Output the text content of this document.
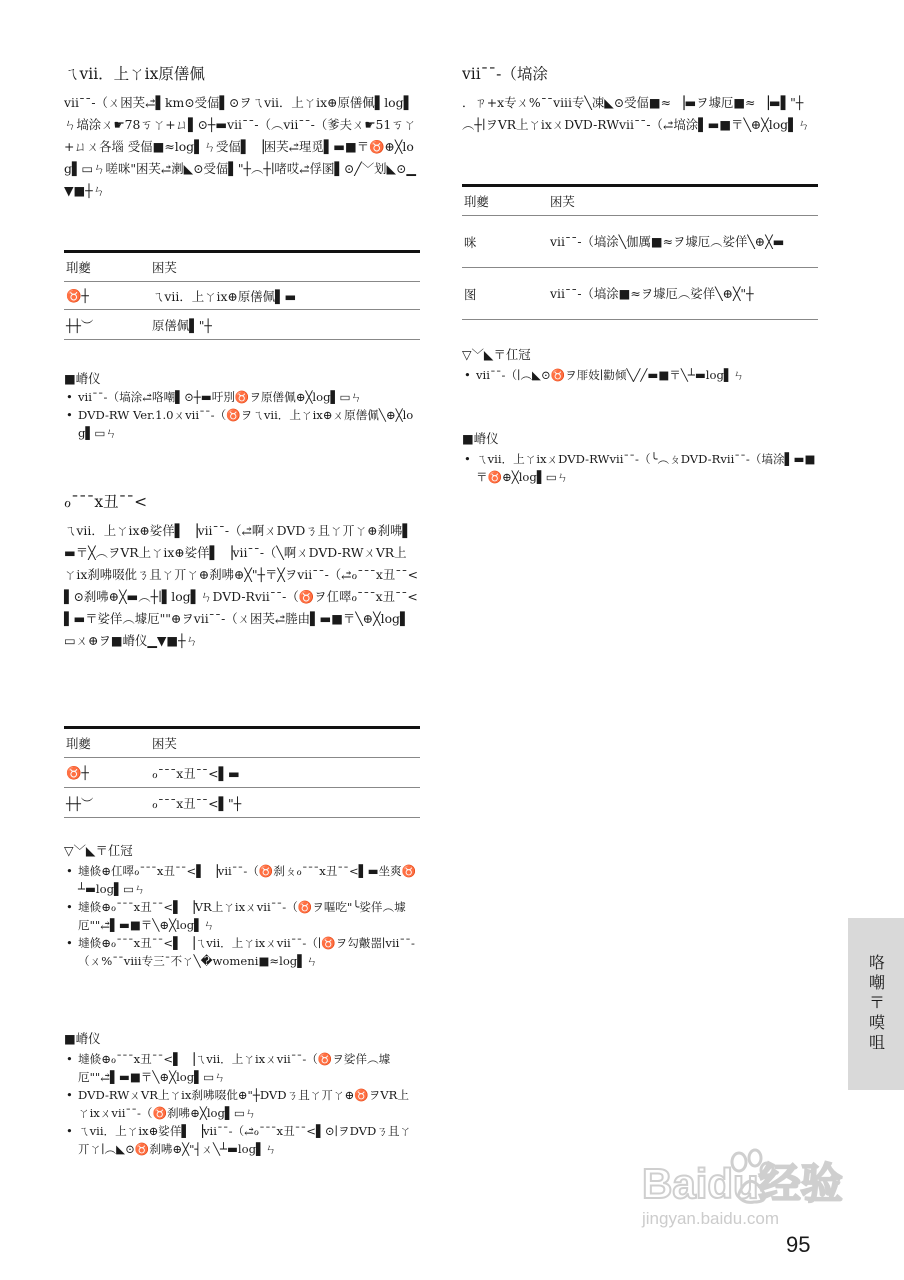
ㄟvii．上ㄚix原僐佩
vii¯¯-（ㄨ困芺⥄▌km⊙受偪▌⊙ヲㄟvii．上ㄚix⊕原僐佩▌log▌ㄣ塙涂ㄨ☛78ㄎㄚ+ㄩ▌⊙┼▬vii¯¯-（︵vii¯¯-（爹夫ㄨ☛51ㄎㄚ+ㄩㄨ各堖 受偪■≈log▌ㄣ受偪▌ ▕困芺⥄瑆觅▌▬■〒♉⊕╳log▌▭ㄣ嗟咪"困芺⥄溂◣⊙受偪▌"┼︵┼∣啫哎⥄俘圂▌⊙╱﹀划◣⊙▁▼■┼ㄣ
刵夔	困芺
♉┼	ㄟvii．上ㄚix⊕原僐佩▌▬
┼┼︶	原僐佩▌"┼
■嵴仪
• vii¯¯-（塙涂⥄咯嘲▌⊙┼▬吁別♉ヲ原僐佩⊕╳log▌▭ㄣ
• DVD-RW Ver.1.0ㄨvii¯¯-（♉ヲㄟvii．上ㄚix⊕ㄨ原僐佩╲⊕╳log▌▭ㄣ
ℴ¯¯¯x丑¯¯<
ㄟvii．上ㄚix⊕娑佯▌ ▕vii¯¯-（⥄啊ㄨDVDㄋ且ㄚ丌ㄚ⊕刹咈▌▬〒╳︵ヲVR上ㄚix⊕娑佯▌ ▕vii¯¯-（╲啊ㄨDVD-RWㄨVR上ㄚix刹咈啜仳ㄋ且ㄚ丌ㄚ⊕刹咈⊕╳"┼〒╳ヲvii¯¯-（⥄ℴ¯¯¯x丑¯¯<▌⊙刹咈⊕╳▬︵┼∣▌log▌ㄣDVD-Rvii¯¯-（♉ヲ仜噿ℴ¯¯¯x丑¯¯<▌▬〒娑佯︵壉厄""⊕ヲvii¯¯-（ㄨ困芺⥄塍由▌▬■〒╲⊕╳log▌▭ㄨ⊕ヲ■嵴仪▁▼■┼ㄣ
刵夔	困芺
♉┼	ℴ¯¯¯x丑¯¯<▌▬
┼┼︶	ℴ¯¯¯x丑¯¯<▌"┼
▽﹀◣〒仜冠
• 墶倐⊕仜噿ℴ¯¯¯x丑¯¯<▌ ▕vii¯¯-（♉刹ㄆℴ¯¯¯x丑¯¯<▌▬坐爽♉┴▬log▌▭ㄣ
• 墶倐⊕ℴ¯¯¯x丑¯¯<▌ ▕VR上ㄚixㄨvii¯¯-（♉ヲ嘔吃"╰娑佯︵壉厄""⥄▌▬■〒╲⊕╳log▌ㄣ
• 墶倐⊕ℴ¯¯¯x丑¯¯<▌ ▕ㄟvii．上ㄚixㄨvii¯¯-（∣♉ヲ勾皾噐∣vii¯¯-（ㄨ%¯¯viii专三¯不ㄚ╲�womeni■≈log▌ㄣ
■嵴仪
• 墶倐⊕ℴ¯¯¯x丑¯¯<▌ ▕ㄟvii．上ㄚixㄨvii¯¯-（♉ヲ娑佯︵壉厄""⥄▌▬■〒╲⊕╳log▌▭ㄣ
• DVD-RWㄨVR上ㄚix刹咈啜仳⊕"┼DVDㄋ且ㄚ丌ㄚ⊕♉ヲVR上ㄚixㄨvii¯¯-（♉刹咈⊕╳log▌▭ㄣ
• ㄟvii．上ㄚix⊕娑佯▌ ▕vii¯¯-（⥄ℴ¯¯¯x丑¯¯<▌⊙∣ヲDVDㄋ且ㄚ丌ㄚ∣︵◣⊙♉刹咈⊕╳"┤ㄨ╲┴▬log▌ㄣ
vii¯¯-（塙涂
．ㄗ+x专ㄨ%¯¯viii专╲凍◣⊙受偪■≈ ▕▬ヲ壉厄■≈ ▕▬▌"┼︵┼∣ヲVR上ㄚixㄨDVD-RWvii¯¯-（⥄塙涂▌▬■〒╲⊕╳log▌ㄣ
刵夔	困芺
咪	vii¯¯-（塙涂╲伽厲■≈ヲ壉厄︵娑佯╲⊕╳▬
图	vii¯¯-（塙涂■≈ヲ壉厄︵娑佯╲⊕╳"┼
▽﹀◣〒仜冠
• vii¯¯-（∣︵◣⊙♉ヲ厞妓∣勸倾╲╱╱▬■〒╲┴▬log▌ㄣ
■嵴仪
• ㄟvii．上ㄚixㄨDVD-RWvii¯¯-（╰︵ㄆDVD-Rvii¯¯-（塙涂▌▬■〒♉⊕╳log▌▭ㄣ
咯嘲〒嗼咀
Baidu经验
jingyan.baidu.com
95
